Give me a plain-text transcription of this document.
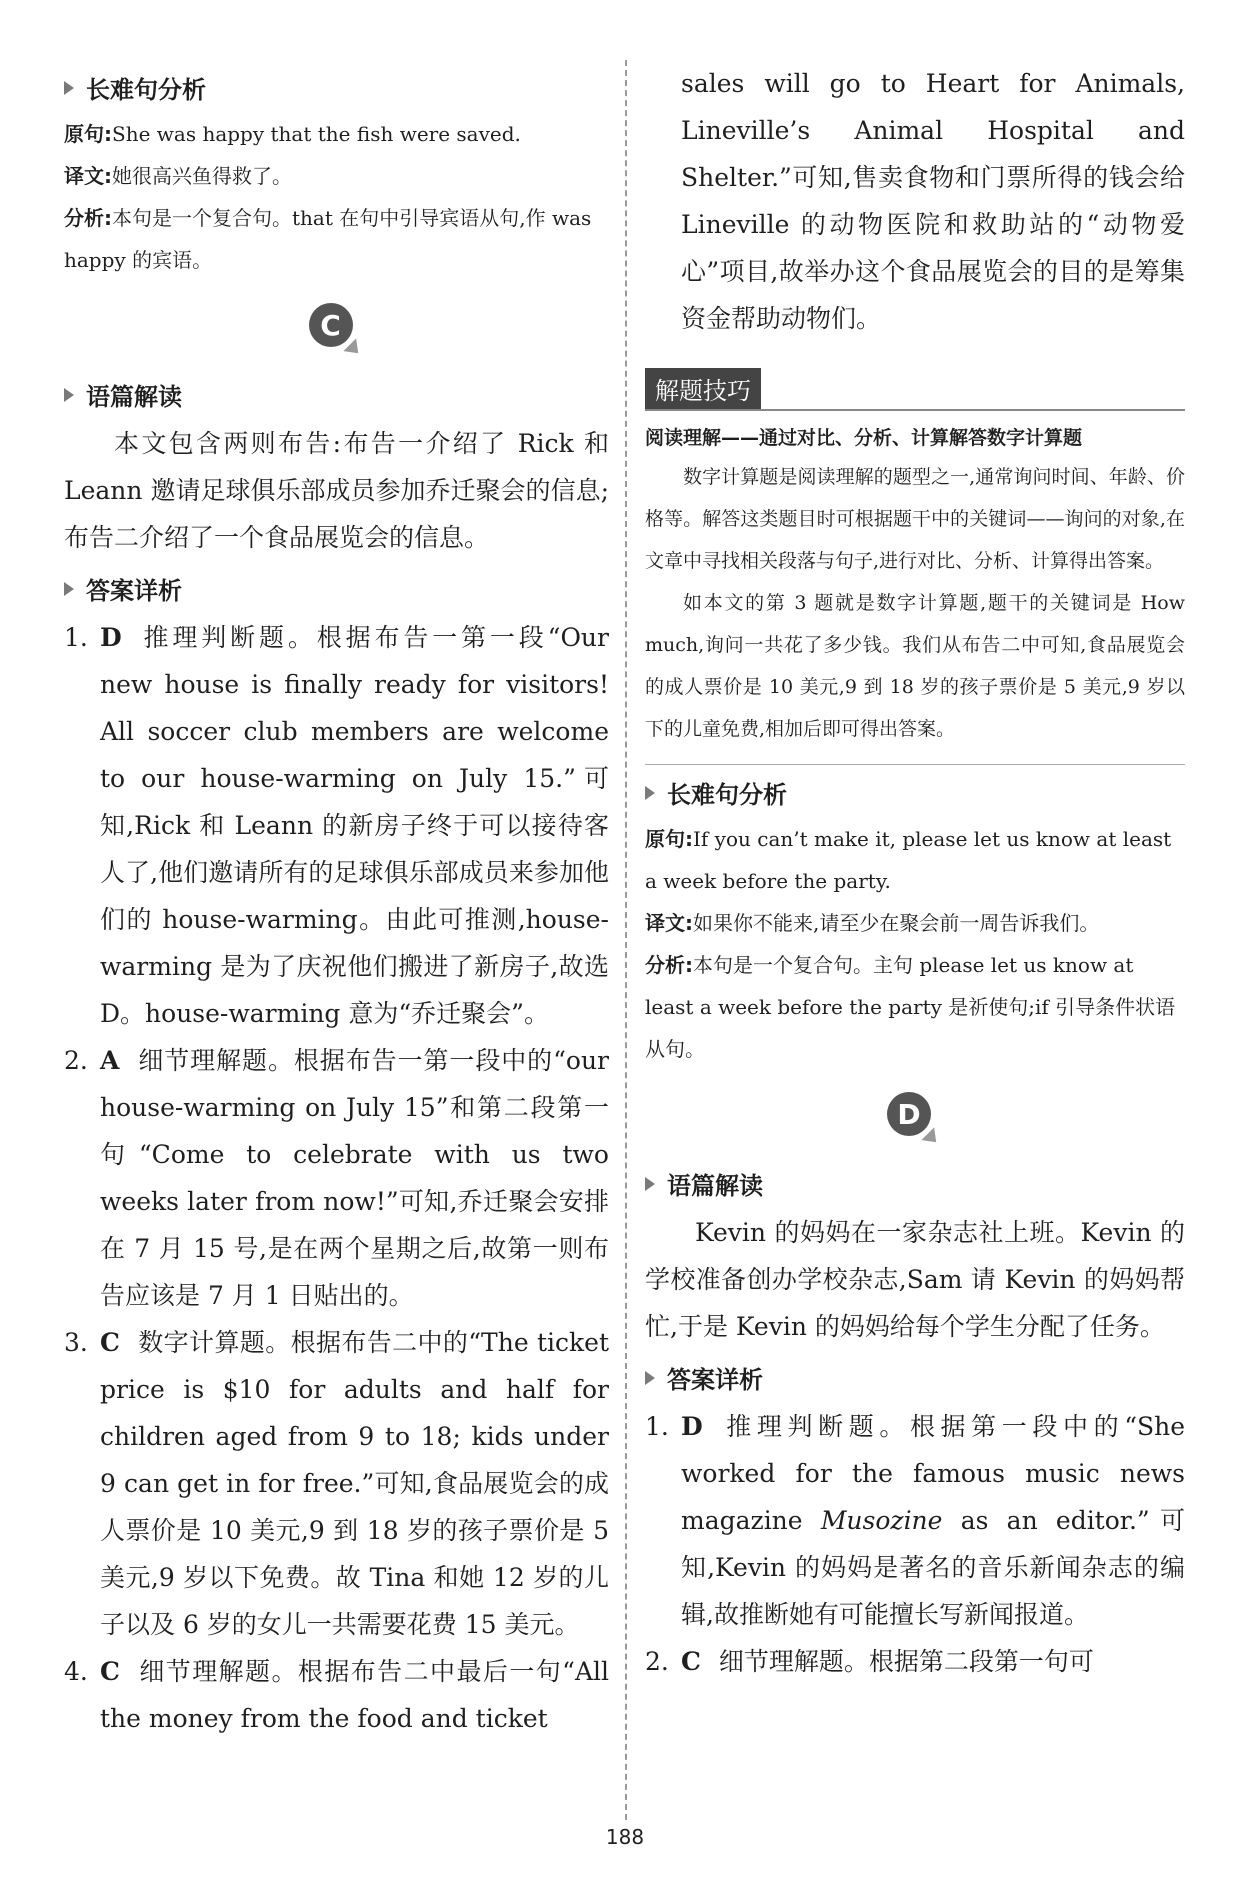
长难句分析

原句:She was happy that the fish were saved.

译文:她很高兴鱼得救了。

分析:本句是一个复合句。that 在句中引导宾语从句,作 was happy 的宾语。

C
语篇解读

本文包含两则布告:布告一介绍了 Rick 和 Leann 邀请足球俱乐部成员参加乔迁聚会的信息;布告二介绍了一个食品展览会的信息。

答案详析

1. D 推理判断题。根据布告一第一段“Our new house is finally ready for visitors! All soccer club members are welcome to our house-warming on July 15.”可知,Rick 和 Leann 的新房子终于可以接待客人了,他们邀请所有的足球俱乐部成员来参加他们的 house-warming。由此可推测,house-warming 是为了庆祝他们搬进了新房子,故选 D。house-warming 意为“乔迁聚会”。

2. A 细节理解题。根据布告一第一段中的“our house-warming on July 15”和第二段第一句“Come to celebrate with us two weeks later from now!”可知,乔迁聚会安排在 7 月 15 号,是在两个星期之后,故第一则布告应该是 7 月 1 日贴出的。

3. C 数字计算题。根据布告二中的“The ticket price is $10 for adults and half for children aged from 9 to 18; kids under 9 can get in for free.”可知,食品展览会的成人票价是 10 美元,9 到 18 岁的孩子票价是 5 美元,9 岁以下免费。故 Tina 和她 12 岁的儿子以及 6 岁的女儿一共需要花费 15 美元。

4. C 细节理解题。根据布告二中最后一句“All the money from the food and ticket

sales will go to Heart for Animals, Lineville’s Animal Hospital and Shelter.”可知,售卖食物和门票所得的钱会给 Lineville 的动物医院和救助站的“动物爱心”项目,故举办这个食品展览会的目的是筹集资金帮助动物们。

解题技巧
阅读理解——通过对比、分析、计算解答数字计算题

数字计算题是阅读理解的题型之一,通常询问时间、年龄、价格等。解答这类题目时可根据题干中的关键词——询问的对象,在文章中寻找相关段落与句子,进行对比、分析、计算得出答案。

如本文的第 3 题就是数字计算题,题干的关键词是 How much,询问一共花了多少钱。我们从布告二中可知,食品展览会的成人票价是 10 美元,9 到 18 岁的孩子票价是 5 美元,9 岁以下的儿童免费,相加后即可得出答案。

长难句分析

原句:If you can’t make it, please let us know at least a week before the party.

译文:如果你不能来,请至少在聚会前一周告诉我们。

分析:本句是一个复合句。主句 please let us know at least a week before the party 是祈使句;if 引导条件状语从句。

D
语篇解读

Kevin 的妈妈在一家杂志社上班。Kevin 的学校准备创办学校杂志,Sam 请 Kevin 的妈妈帮忙,于是 Kevin 的妈妈给每个学生分配了任务。

答案详析

1. D 推理判断题。根据第一段中的“She worked for the famous music news magazine Musozine as an editor.”可知,Kevin 的妈妈是著名的音乐新闻杂志的编辑,故推断她有可能擅长写新闻报道。

2. C 细节理解题。根据第二段第一句可

188
